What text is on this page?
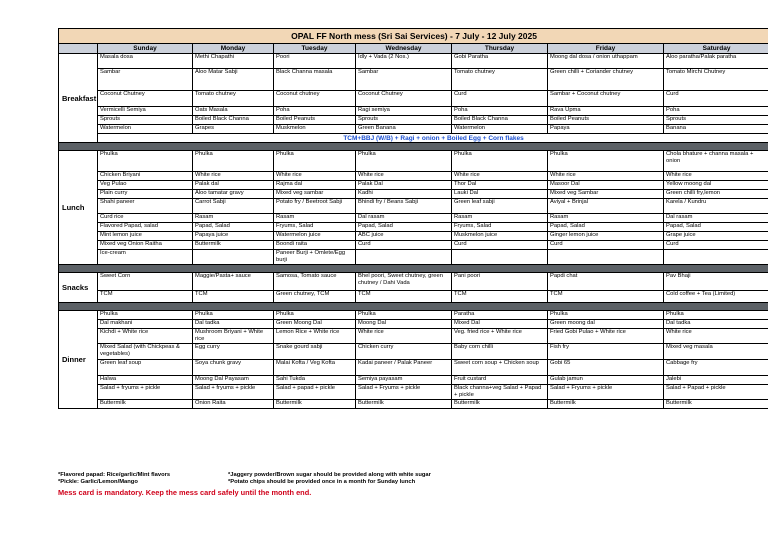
OPAL FF North mess (Sri Sai Services) - 7 July - 12 July 2025							
	Sunday	Monday	Tuesday	Wednesday	Thursday	Friday	Saturday
Breakfast	Masala dosa	Methi Chapathi	Poori	Idly + Vada (2 Nos.)	Gobi Paratha	Moong dal dosa / onion uthappam	Aloo paratha/Palak paratha
	Sambar	Aloo Matar Sabji	Black Channa masala	Sambar	Tomato chutney	Green chilli + Coriander chutney	Tomato Mirchi Chutney
	Coconut Chutney	Tomato chutney	Coconut chutney	Coconut Chutney	Curd	Sambar + Coconut chutney	Curd
	Vermicelli Semiya	Oats Masala	Poha	Ragi semiya	Poha	Rava Upma	Poha
	Sprouts	Boiled Black Channa	Boiled Peanuts	Sprouts	Boiled Black Channa	Boiled Peanuts	Sprouts
	Watermelon	Grapes	Muskmelon	Green Banana	Watermelon	Papaya	Banana
	TCM+BBJ (W/B) + Ragi + onion + Boiled Egg + Corn flakes						

Lunch	Phulka	Phulka	Phulka	Phulka	Phulka	Phulka	Chola bhature + channa masala + onion
	Chicken Briyani	White rice	White rice	White rice	White rice	White rice	White rice
	Veg Pulao	Palak dal	Rajma dal	Palak Dal	Thor Dal	Masoor Dal	Yellow moong dal
	Plain curry	Aloo tamatar gravy	Mixed veg sambar	Kadhi	Lauki Dal	Mixed veg Sambar	Green chilli fry,lemon
	Shahi paneer	Carrot Sabji	Potato fry / Beetroot Sabji	Bhindi fry / Beans Sabji	Green leaf sabji	Aviyal + Brinjal	Karela / Kundru
	Curd rice	Rasam	Rasam	Dal rasam	Rasam	Rasam	Dal rasam
	Flavored Papad, salad	Papad, Salad	Fryums, Salad	Papad, Salad	Fryums, Salad	Papad, Salad	Papad, Salad
	Mint lemon juice	Papaya juice	Watermelon juice	ABC juice	Muskmelon juice	Ginger lemon juice	Grape juice
	Mixed veg Onion Raitha	Buttermilk	Boondi raita	Curd	Curd	Curd	Curd
	Ice-cream		Paneer Burji + Omlete/Egg burji				

Snacks	Sweet Corn	Maggie/Pasta+ sauce	Samosa, Tomato sauce	Bhel poori, Sweet chutney, green chutney / Dahi Vada	Pani poori	Papdi chat	Pav Bhaji
	TCM	TCM	Green chutney, TCM	TCM	TCM	TCM	Cold coffee + Tea (Limited)

Dinner	Phulka	Phulka	Phulka	Phulka	Paratha	Phulka	Phulka
	Dal makhani	Dal tadka	Green Moong Dal	Moong Dal	Mixed Dal	Green moong dal	Dal tadka
	Kichdi + White rice	Mushroom Briyani + White rice	Lemon Rice + White rice	White rice	Veg. fried rice + White rice	Fried Gobi Pulao + White rice	White rice
	Mixed Salad (with Chickpeas & vegetables)	Egg curry	Snake gourd sabji	Chicken curry	Baby corn chilli	Fish fry	Mixed veg masala
	Green leaf soup	Soya chunk gravy	Malai Kofta / Veg Kofta	Kadai paneer / Palak Paneer	Sweet corn soup + Chicken soup	Gobi 65	Cabbage fry
	Halwa	Moong Dal Payasam	Sahi Tukda	Semiya payasam	Fruit custard	Gulab jamun	Jalebi
	Salad + fryums + pickle	Salad + fryums + pickle	Salad + papad + pickle	Salad + Fryums + pickle	Black channa+veg Salad + Papad + pickle	Salad + Fryums + pickle	Salad + Papad + pickle
	Buttermilk	Onion Raita	Buttermilk	Buttermilk	Buttermilk	Buttermilk	Buttermilk
*Flavored papad: Rice/garlic/Mint flavors	*Jaggery powder/Brown sugar should be provided along with white sugar
*Pickle: Garlic/Lemon/Mango	*Potato chips should be provided once in a month for Sunday lunch
Mess card is mandatory. Keep the mess card safely until the month end.
